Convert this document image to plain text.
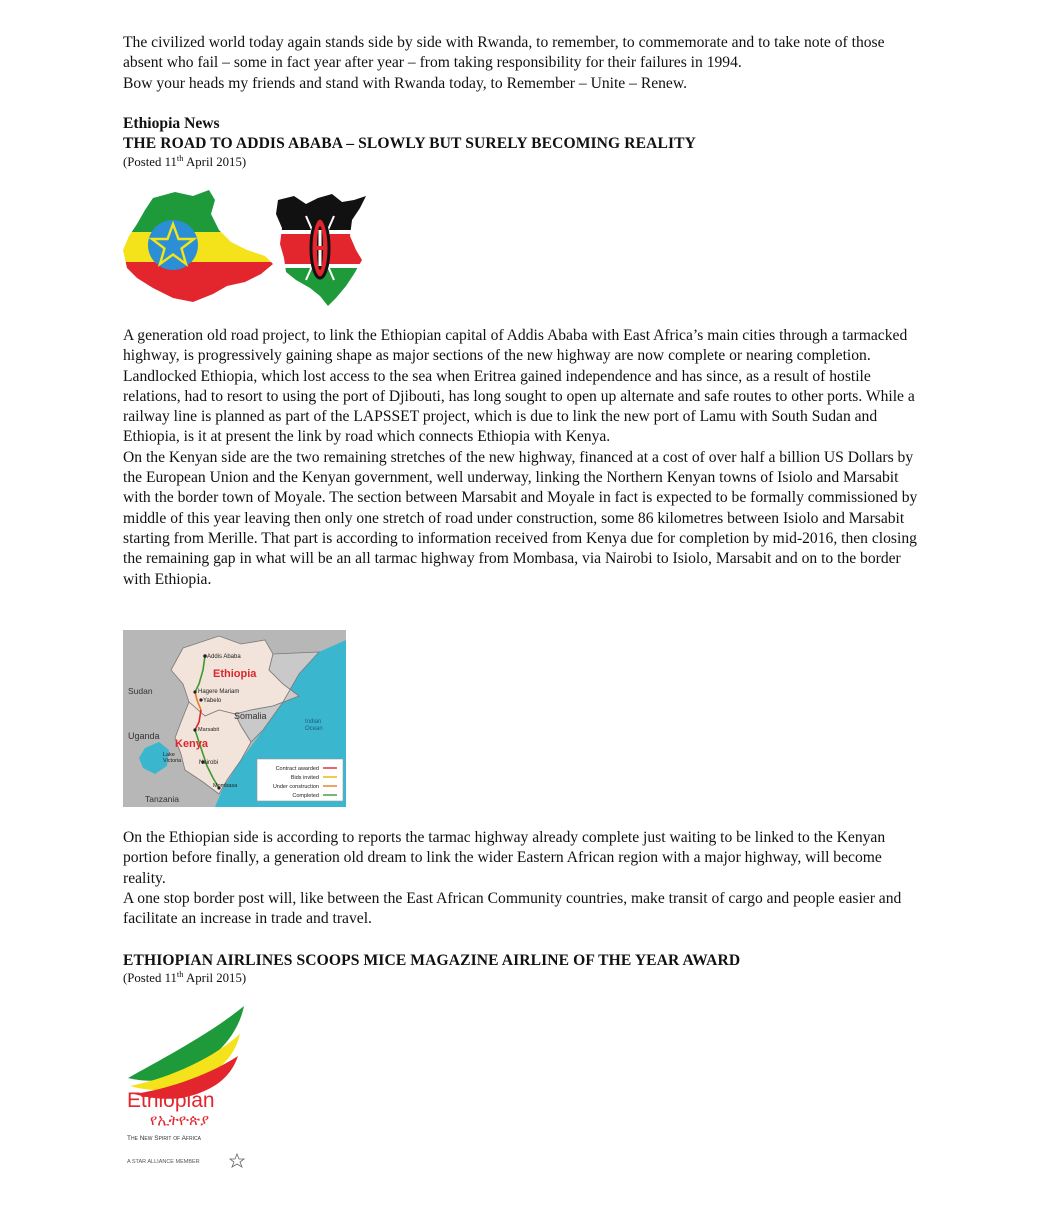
The civilized world today again stands side by side with Rwanda, to remember, to commemorate and to take note of those absent who fail – some in fact year after year – from taking responsibility for their failures in 1994.

Bow your heads my friends and stand with Rwanda today, to Remember – Unite – Renew.

Ethiopia News
THE ROAD TO ADDIS ABABA – SLOWLY BUT SURELY BECOMING REALITY
(Posted 11th April 2015)

A generation old road project, to link the Ethiopian capital of Addis Ababa with East Africa’s main cities through a tarmacked highway, is progressively gaining shape as major sections of the new highway are now complete or nearing completion.

Landlocked Ethiopia, which lost access to the sea when Eritrea gained independence and has since, as a result of hostile relations, had to resort to using the port of Djibouti, has long sought to open up alternate and safe routes to other ports. While a railway line is planned as part of the LAPSSET project, which is due to link the new port of Lamu with South Sudan and Ethiopia, is it at present the link by road which connects Ethiopia with Kenya.

On the Kenyan side are the two remaining stretches of the new highway, financed at a cost of over half a billion US Dollars by the European Union and the Kenyan government, well underway, linking the Northern Kenyan towns of Isiolo and Marsabit with the border town of Moyale. The section between Marsabit and Moyale in fact is expected to be formally commissioned by middle of this year leaving then only one stretch of road under construction, some 86 kilometres between Isiolo and Marsabit starting from Merille. That part is according to information received from Kenya due for completion by mid-2016, then closing the remaining gap in what will be an all tarmac highway from Mombasa, via Nairobi to Isiolo, Marsabit and on to the border with Ethiopia.

Addis Ababa
Ethiopia
Sudan	Hagere Mariam
Yabelo
Somalia
Indian
Ocean
Uganda
Kenya
Marsabit
Lake
Victoria	Nairobi
Tanzania
Mombasa
Contract awarded
Bids invited
Under construction
Completed

On the Ethiopian side is according to reports the tarmac highway already complete just waiting to be linked to the Kenyan portion before finally, a generation old dream to link the wider Eastern African region with a major highway, will become reality.

A one stop border post will, like between the East African Community countries, make transit of cargo and people easier and facilitate an increase in trade and travel.

ETHIOPIAN AIRLINES SCOOPS MICE MAGAZINE AIRLINE OF THE YEAR AWARD
(Posted 11th April 2015)
Ethiopian
የኢትዮጵያ
The New Spirit of Africa
A STAR ALLIANCE MEMBER
